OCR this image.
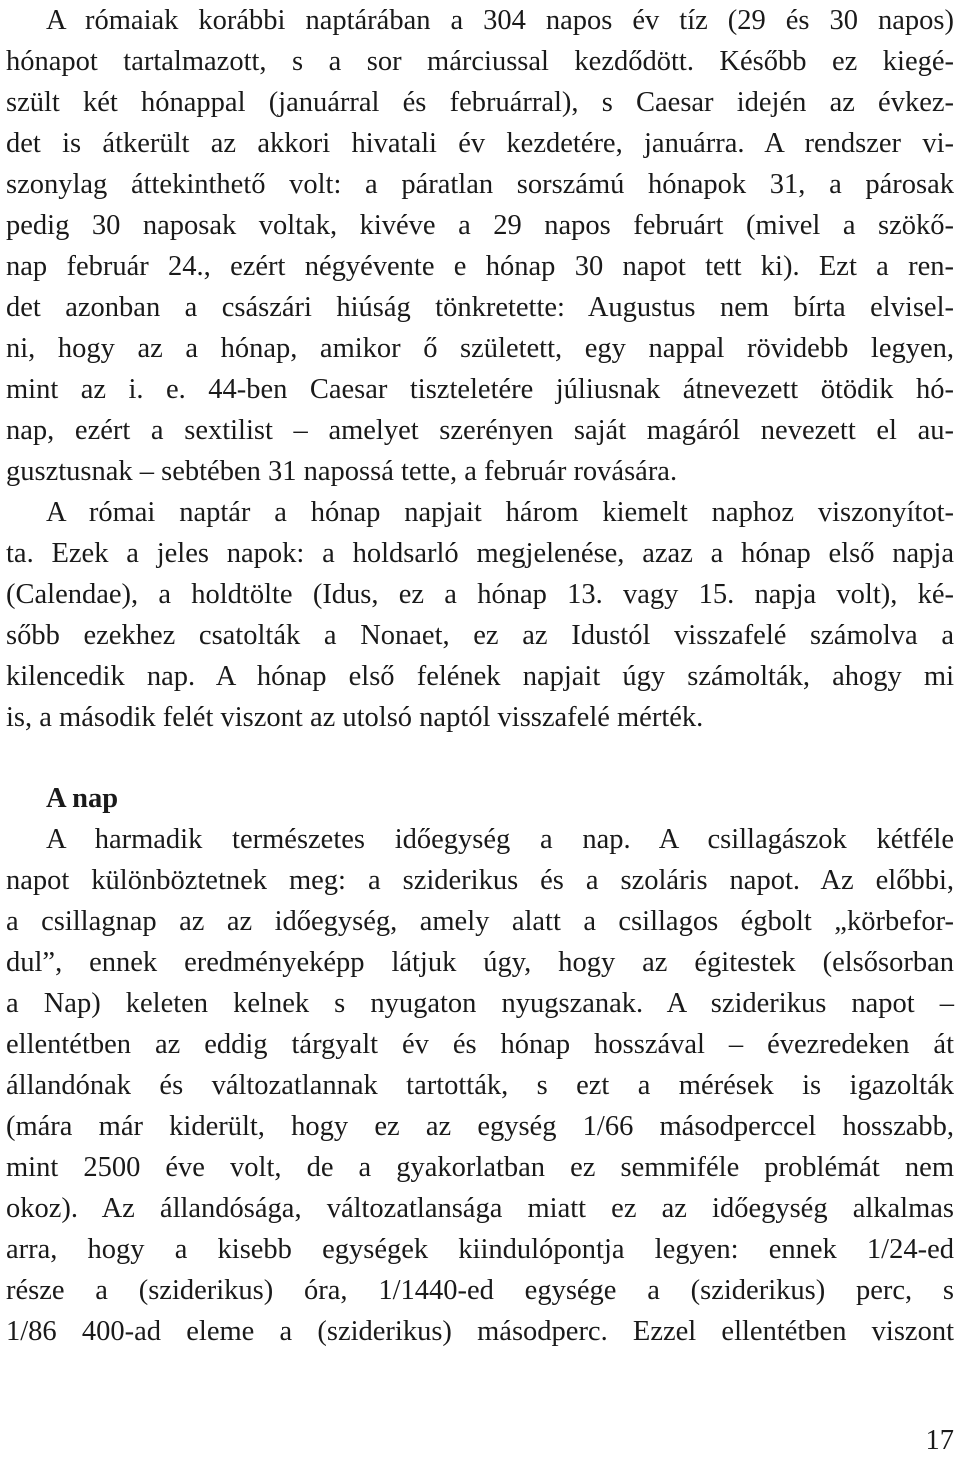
A rómaiak korábbi naptárában a 304 napos év tíz (29 és 30 napos)
hónapot tartalmazott, s a sor márciussal kezdődött. Később ez kiegé-
szült két hónappal (januárral és februárral), s Caesar idején az évkez-
det is átkerült az akkori hivatali év kezdetére, januárra. A rendszer vi-
szonylag áttekinthető volt: a páratlan sorszámú hónapok 31, a párosak
pedig 30 naposak voltak, kivéve a 29 napos februárt (mivel a szökő-
nap február 24., ezért négyévente e hónap 30 napot tett ki). Ezt a ren-
det azonban a császári hiúság tönkretette: Augustus nem bírta elvisel-
ni, hogy az a hónap, amikor ő született, egy nappal rövidebb legyen,
mint az i. e. 44-ben Caesar tiszteletére júliusnak átnevezett ötödik hó-
nap, ezért a sextilist – amelyet szerényen saját magáról nevezett el au-
gusztusnak – sebtében 31 napossá tette, a február rovására.
A római naptár a hónap napjait három kiemelt naphoz viszonyítot-
ta. Ezek a jeles napok: a holdsarló megjelenése, azaz a hónap első napja
(Calendae), a holdtölte (Idus, ez a hónap 13. vagy 15. napja volt), ké-
sőbb ezekhez csatolták a Nonaet, ez az Idustól visszafelé számolva a
kilencedik nap. A hónap első felének napjait úgy számolták, ahogy mi
is, a második felét viszont az utolsó naptól visszafelé mérték.
A nap
A harmadik természetes időegység a nap. A csillagászok kétféle
napot különböztetnek meg: a sziderikus és a szoláris napot. Az előbbi,
a csillagnap az az időegység, amely alatt a csillagos égbolt „körbefor-
dul”, ennek eredményeképp látjuk úgy, hogy az égitestek (elsősorban
a Nap) keleten kelnek s nyugaton nyugszanak. A sziderikus napot –
ellentétben az eddig tárgyalt év és hónap hosszával – évezredeken át
állandónak és változatlannak tartották, s ezt a mérések is igazolták
(mára már kiderült, hogy ez az egység 1/66 másodperccel hosszabb,
mint 2500 éve volt, de a gyakorlatban ez semmiféle problémát nem
okoz). Az állandósága, változatlansága miatt ez az időegység alkalmas
arra, hogy a kisebb egységek kiindulópontja legyen: ennek 1/24-ed
része a (sziderikus) óra, 1/1440-ed egysége a (sziderikus) perc, s
1/86 400-ad eleme a (sziderikus) másodperc. Ezzel ellentétben viszont
17
